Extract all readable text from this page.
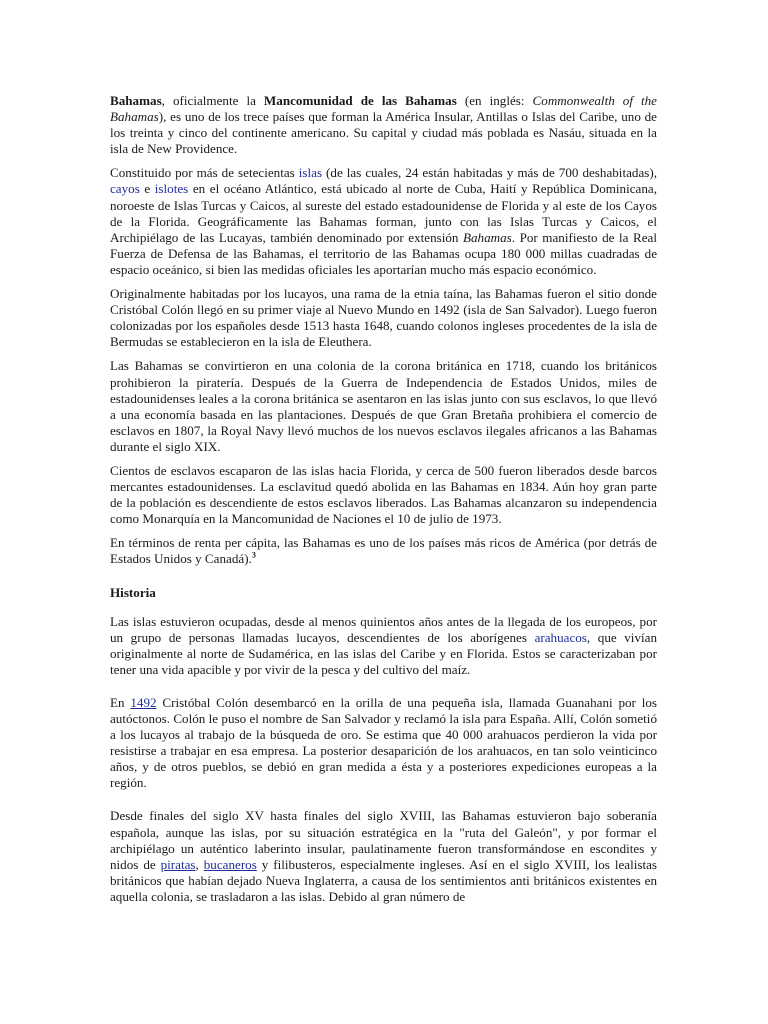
Bahamas, oficialmente la Mancomunidad de las Bahamas (en inglés: Commonwealth of the Bahamas), es uno de los trece países que forman la América Insular, Antillas o Islas del Caribe, uno de los treinta y cinco del continente americano. Su capital y ciudad más poblada es Nasáu, situada en la isla de New Providence.

Constituido por más de setecientas islas (de las cuales, 24 están habitadas y más de 700 deshabitadas), cayos e islotes en el océano Atlántico, está ubicado al norte de Cuba, Haití y República Dominicana, noroeste de Islas Turcas y Caicos, al sureste del estado estadounidense de Florida y al este de los Cayos de la Florida. Geográficamente las Bahamas forman, junto con las Islas Turcas y Caicos, el Archipiélago de las Lucayas, también denominado por extensión Bahamas. Por manifiesto de la Real Fuerza de Defensa de las Bahamas, el territorio de las Bahamas ocupa 180 000 millas cuadradas de espacio oceánico, si bien las medidas oficiales les aportarían mucho más espacio económico.

Originalmente habitadas por los lucayos, una rama de la etnia taína, las Bahamas fueron el sitio donde Cristóbal Colón llegó en su primer viaje al Nuevo Mundo en 1492 (isla de San Salvador). Luego fueron colonizadas por los españoles desde 1513 hasta 1648, cuando colonos ingleses procedentes de la isla de Bermudas se establecieron en la isla de Eleuthera.

Las Bahamas se convirtieron en una colonia de la corona británica en 1718, cuando los británicos prohibieron la piratería. Después de la Guerra de Independencia de Estados Unidos, miles de estadounidenses leales a la corona británica se asentaron en las islas junto con sus esclavos, lo que llevó a una economía basada en las plantaciones. Después de que Gran Bretaña prohibiera el comercio de esclavos en 1807, la Royal Navy llevó muchos de los nuevos esclavos ilegales africanos a las Bahamas durante el siglo XIX.

Cientos de esclavos escaparon de las islas hacia Florida, y cerca de 500 fueron liberados desde barcos mercantes estadounidenses. La esclavitud quedó abolida en las Bahamas en 1834. Aún hoy gran parte de la población es descendiente de estos esclavos liberados. Las Bahamas alcanzaron su independencia como Monarquía en la Mancomunidad de Naciones el 10 de julio de 1973.

En términos de renta per cápita, las Bahamas es uno de los países más ricos de América (por detrás de Estados Unidos y Canadá).$^3$

Historia

Las islas estuvieron ocupadas, desde al menos quinientos años antes de la llegada de los europeos, por un grupo de personas llamadas lucayos, descendientes de los aborígenes arahuacos, que vivían originalmente al norte de Sudamérica, en las islas del Caribe y en Florida. Estos se caracterizaban por tener una vida apacible y por vivir de la pesca y del cultivo del maíz.

En 1492 Cristóbal Colón desembarcó en la orilla de una pequeña isla, llamada Guanahani por los autóctonos. Colón le puso el nombre de San Salvador y reclamó la isla para España. Allí, Colón sometió a los lucayos al trabajo de la búsqueda de oro. Se estima que 40 000 arahuacos perdieron la vida por resistirse a trabajar en esa empresa. La posterior desaparición de los arahuacos, en tan solo veinticinco años, y de otros pueblos, se debió en gran medida a ésta y a posteriores expediciones europeas a la región.

Desde finales del siglo XV hasta finales del siglo XVIII, las Bahamas estuvieron bajo soberanía española, aunque las islas, por su situación estratégica en la "ruta del Galeón", y por formar el archipiélago un auténtico laberinto insular, paulatinamente fueron transformándose en escondites y nidos de piratas, bucaneros y filibusteros, especialmente ingleses. Así en el siglo XVIII, los lealistas británicos que habían dejado Nueva Inglaterra, a causa de los sentimientos anti británicos existentes en aquella colonia, se trasladaron a las islas. Debido al gran número de
